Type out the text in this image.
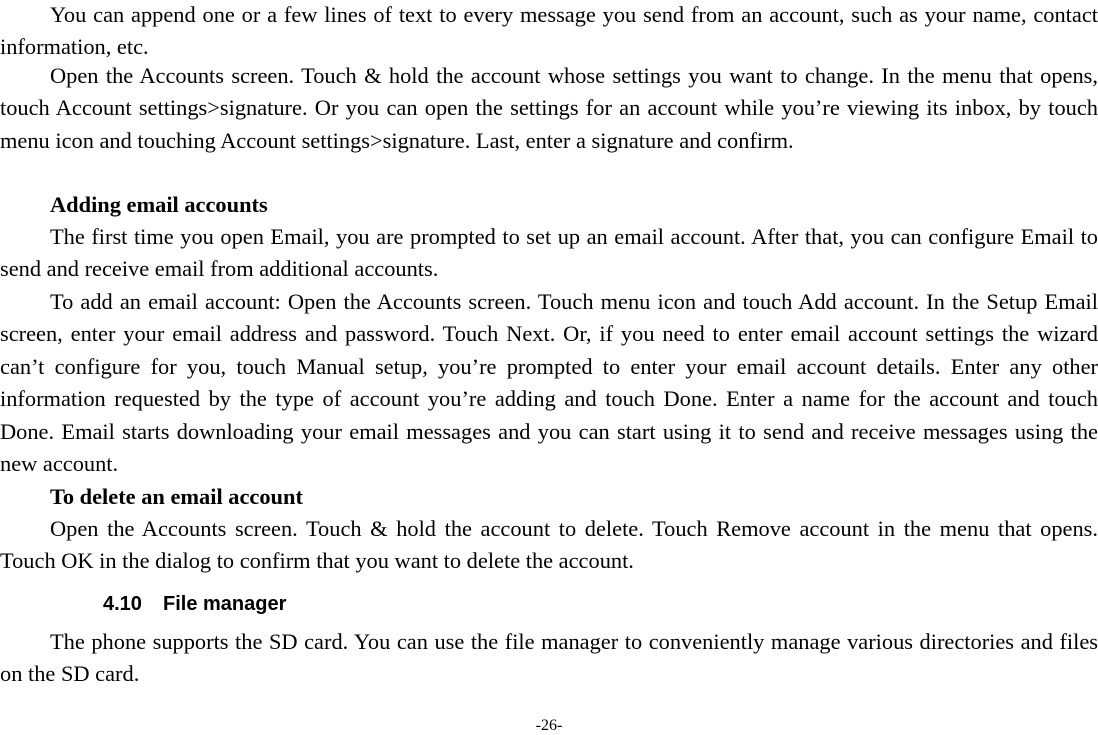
You can append one or a few lines of text to every message you send from an account, such as your name, contact information, etc.

Open the Accounts screen. Touch & hold the account whose settings you want to change. In the menu that opens, touch Account settings>signature. Or you can open the settings for an account while you’re viewing its inbox, by touch menu icon and touching Account settings>signature. Last, enter a signature and confirm.

Adding email accounts

The first time you open Email, you are prompted to set up an email account. After that, you can configure Email to send and receive email from additional accounts.

To add an email account: Open the Accounts screen. Touch menu icon and touch Add account. In the Setup Email screen, enter your email address and password. Touch Next. Or, if you need to enter email account settings the wizard can’t configure for you, touch Manual setup, you’re prompted to enter your email account details. Enter any other information requested by the type of account you’re adding and touch Done. Enter a name for the account and touch Done. Email starts downloading your email messages and you can start using it to send and receive messages using the new account.

To delete an email account

Open the Accounts screen. Touch & hold the account to delete. Touch Remove account in the menu that opens. Touch OK in the dialog to confirm that you want to delete the account.

4.10 File manager

The phone supports the SD card. You can use the file manager to conveniently manage various directories and files on the SD card.

-26-
